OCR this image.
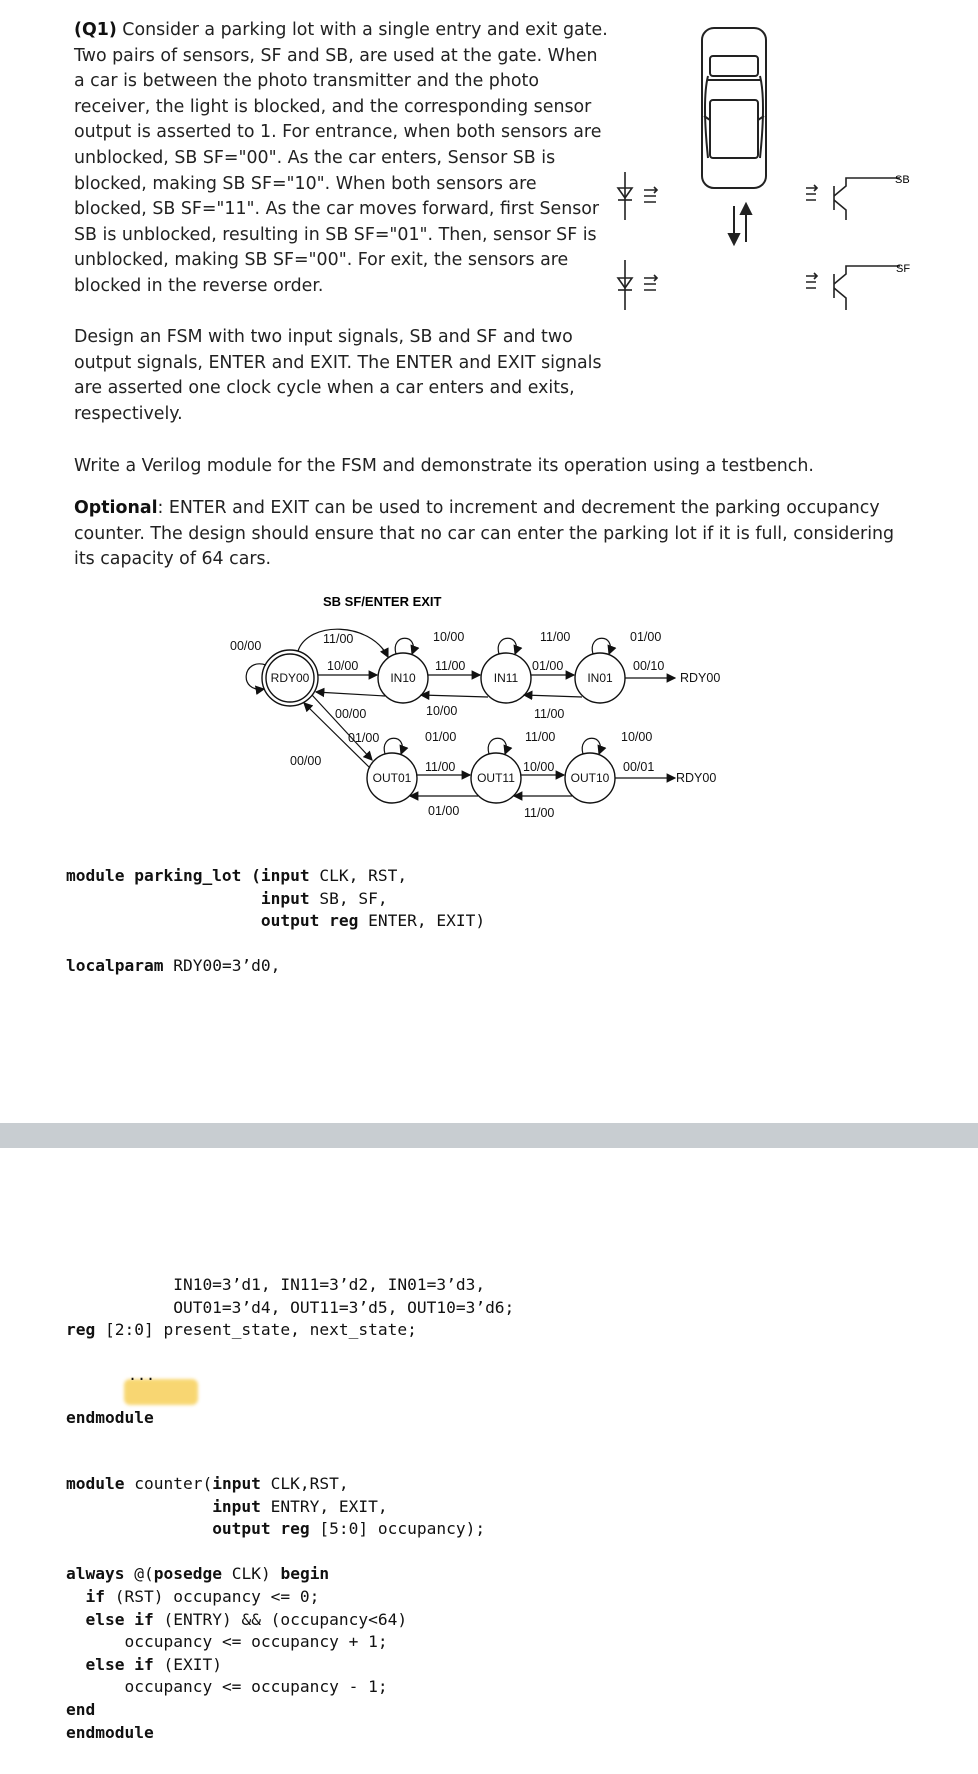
(Q1) Consider a parking lot with a single entry and exit gate.
Two pairs of sensors, SF and SB, are used at the gate. When
a car is between the photo transmitter and the photo
receiver, the light is blocked, and the corresponding sensor
output is asserted to 1. For entrance, when both sensors are
unblocked, SB SF="00". As the car enters, Sensor SB is
blocked, making SB SF="10". When both sensors are
blocked, SB SF="11". As the car moves forward, first Sensor
SB is unblocked, resulting in SB SF="01". Then, sensor SF is
unblocked, making SB SF="00". For exit, the sensors are
blocked in the reverse order.
Design an FSM with two input signals, SB and SF and two
output signals, ENTER and EXIT. The ENTER and EXIT signals
are asserted one clock cycle when a car enters and exits,
respectively.
Write a Verilog module for the FSM and demonstrate its operation using a testbench.
Optional: ENTER and EXIT can be used to increment and decrement the parking occupancy
counter. The design should ensure that no car can enter the parking lot if it is full, considering
its capacity of 64 cars.
SB
SF
SB SF/ENTER EXIT
RDY00	IN10	IN11	IN01
OUT01	OUT11	OUT10
00/00	11/00	10/00	11/00	01/00
10/00	11/00	01/00	00/10
RDY00
00/00	10/00	11/00
01/00	01/00	11/00	10/00
00/00	11/00	10/00	00/01
RDY00
01/00	11/00
module parking_lot (input CLK, RST,
input SB, SF,
output reg ENTER, EXIT)

localparam RDY00=3’d0,
IN10=3’d1, IN11=3’d2, IN01=3’d3,
OUT01=3’d4, OUT11=3’d5, OUT10=3’d6;
reg [2:0] present_state, next_state;
...
endmodule
module counter(input CLK,RST,
input ENTRY, EXIT,
output reg [5:0] occupancy);

always @(posedge CLK) begin
if (RST) occupancy <= 0;
else if (ENTRY) && (occupancy<64)
occupancy <= occupancy + 1;
else if (EXIT)
occupancy <= occupancy - 1;
end
endmodule
